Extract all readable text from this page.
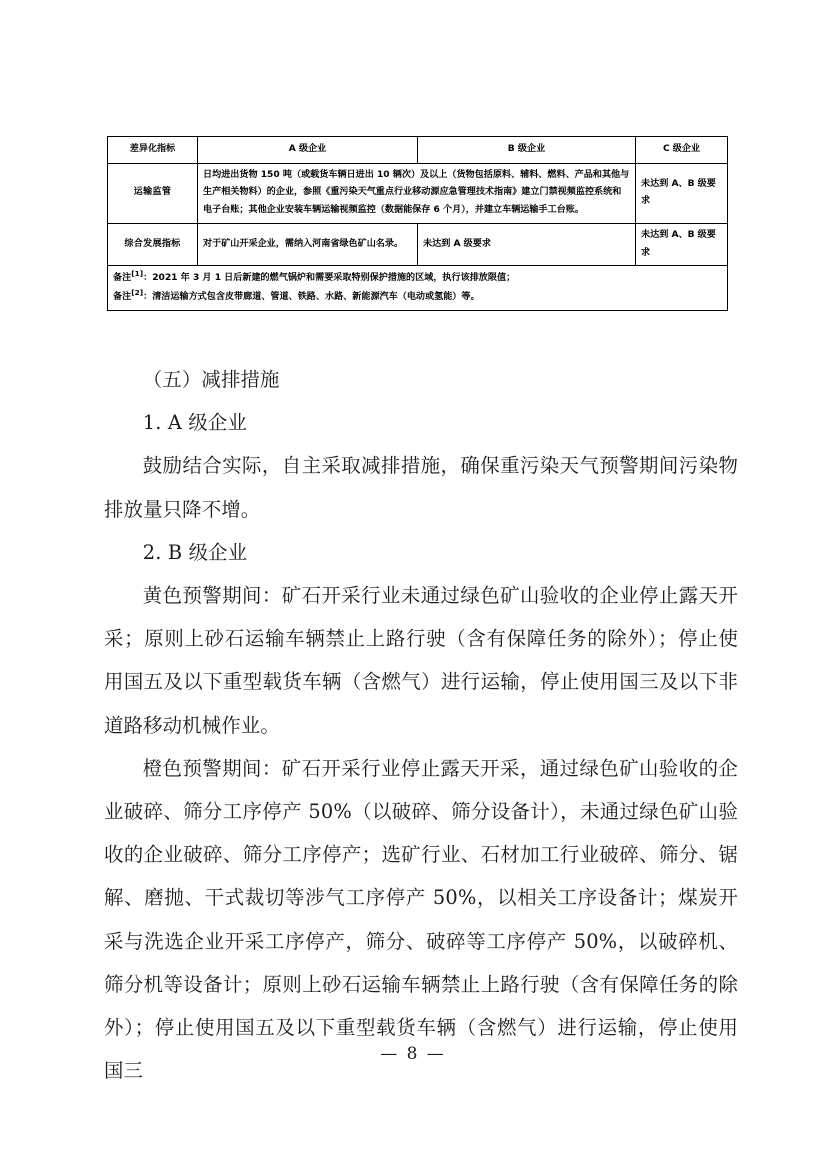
差异化指标	A 级企业	B 级企业	C 级企业
运输监管	日均进出货物 150 吨（或载货车辆日进出 10 辆次）及以上（货物包括原料、辅料、燃料、产品和其他与生产相关物料）的企业，参照《重污染天气重点行业移动源应急管理技术指南》建立门禁视频监控系统和电子台账；其他企业安装车辆运输视频监控（数据能保存 6 个月），并建立车辆运输手工台账。		未达到 A、B 级要求
综合发展指标	对于矿山开采企业，需纳入河南省绿色矿山名录。	未达到 A 级要求	未达到 A、B 级要求

备注[1]：2021 年 3 月 1 日后新建的燃气锅炉和需要采取特别保护措施的区域，执行该排放限值；
备注[2]：清洁运输方式包含皮带廊道、管道、铁路、水路、新能源汽车（电动或氢能）等。			

（五）减排措施

1. A 级企业

鼓励结合实际，自主采取减排措施，确保重污染天气预警期间污染物排放量只降不增。

2. B 级企业

黄色预警期间：矿石开采行业未通过绿色矿山验收的企业停止露天开采；原则上砂石运输车辆禁止上路行驶（含有保障任务的除外）；停止使用国五及以下重型载货车辆（含燃气）进行运输，停止使用国三及以下非道路移动机械作业。

橙色预警期间：矿石开采行业停止露天开采，通过绿色矿山验收的企业破碎、筛分工序停产 50%（以破碎、筛分设备计），未通过绿色矿山验收的企业破碎、筛分工序停产；选矿行业、石材加工行业破碎、筛分、锯解、磨抛、干式裁切等涉气工序停产 50%，以相关工序设备计；煤炭开采与洗选企业开采工序停产，筛分、破碎等工序停产 50%，以破碎机、筛分机等设备计；原则上砂石运输车辆禁止上路行驶（含有保障任务的除外）；停止使用国五及以下重型载货车辆（含燃气）进行运输，停止使用国三

— 8 —
